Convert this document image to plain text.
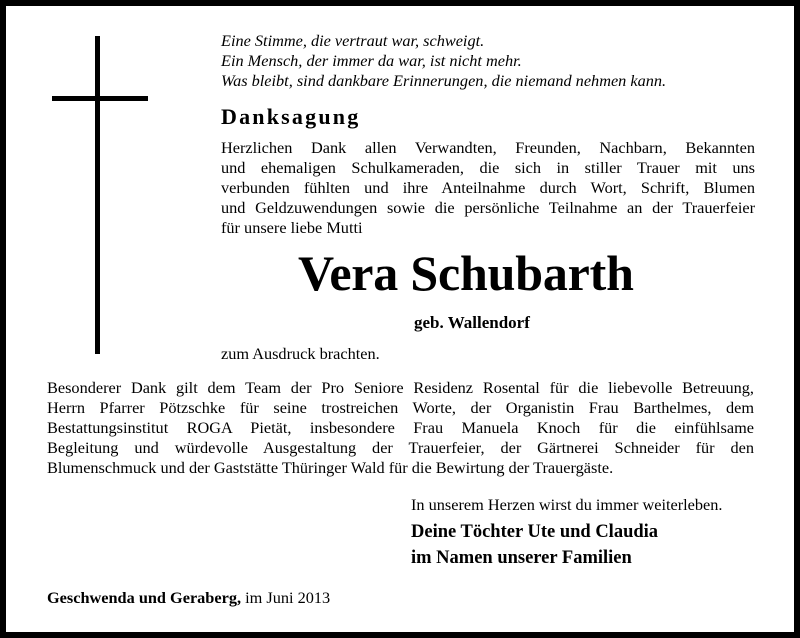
Eine Stimme, die vertraut war, schweigt.
Ein Mensch, der immer da war, ist nicht mehr.
Was bleibt, sind dankbare Erinnerungen, die niemand nehmen kann.
Danksagung
Herzlichen Dank allen Verwandten, Freunden, Nachbarn, Bekannten
und ehemaligen Schulkameraden, die sich in stiller Trauer mit uns
verbunden fühlten und ihre Anteilnahme durch Wort, Schrift, Blumen
und Geldzuwendungen sowie die persönliche Teilnahme an der Trauerfeier
für unsere liebe Mutti
Vera Schubarth
geb. Wallendorf
zum Ausdruck brachten.
Besonderer Dank gilt dem Team der Pro Seniore Residenz Rosental für die liebevolle Betreuung,
Herrn Pfarrer Pötzschke für seine trostreichen Worte, der Organistin Frau Barthelmes, dem
Bestattungsinstitut ROGA Pietät, insbesondere Frau Manuela Knoch für die einfühlsame
Begleitung und würdevolle Ausgestaltung der Trauerfeier, der Gärtnerei Schneider für den
Blumenschmuck und der Gaststätte Thüringer Wald für die Bewirtung der Trauergäste.
In unserem Herzen wirst du immer weiterleben.
Deine Töchter Ute und Claudia
im Namen unserer Familien
Geschwenda und Geraberg, im Juni 2013
